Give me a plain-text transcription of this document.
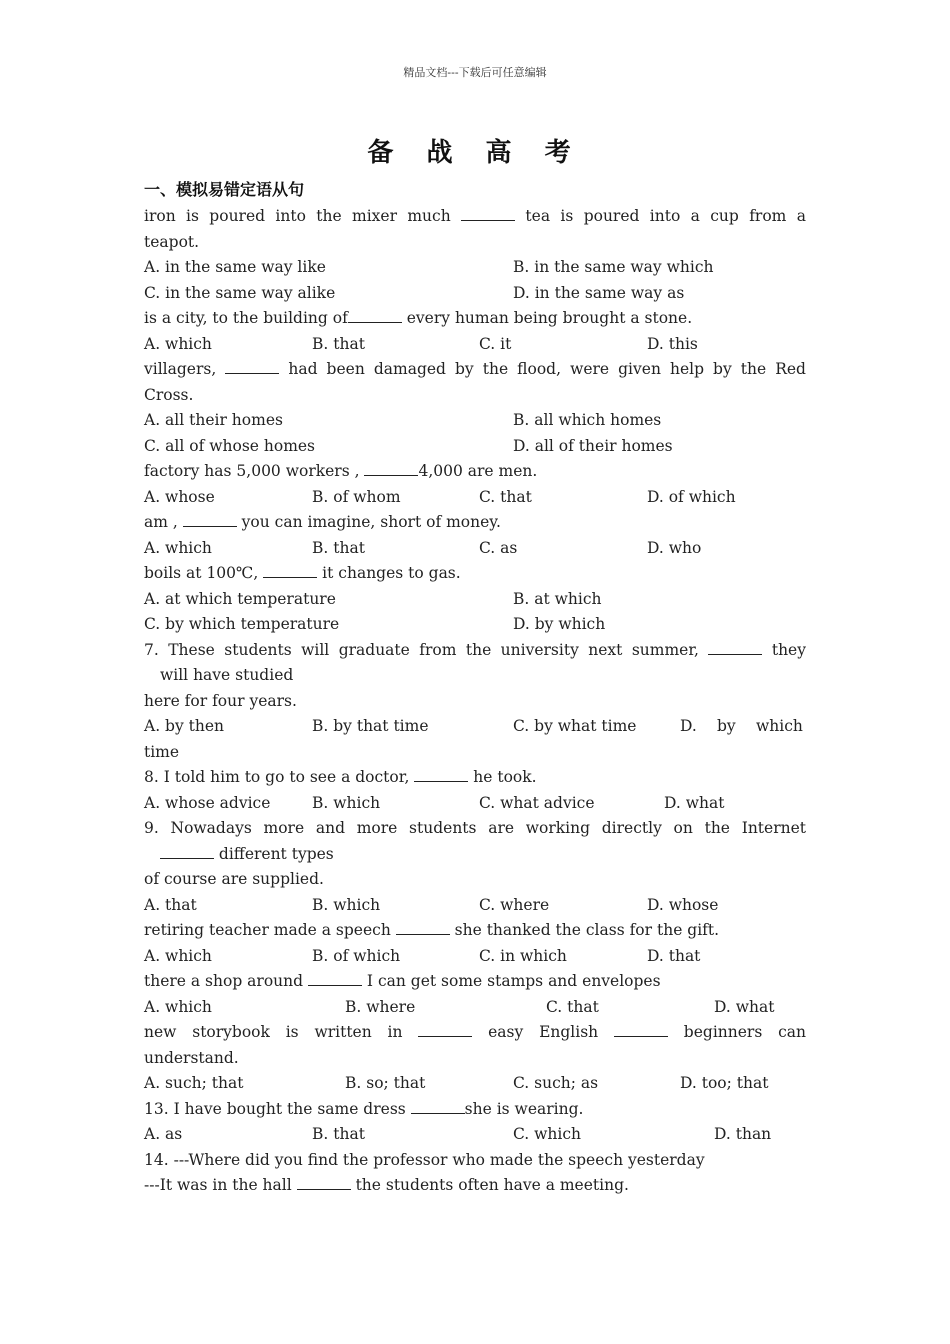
精品文档---下载后可任意编辑
备 战 高 考
一、模拟易错定语从句
iron is poured into the mixer much	tea is poured into a cup from a
teapot.
A. in the same way like	B. in the same way which
C. in the same way alike	D. in the same way as
is a city, to the building of	every human being brought a stone.
A. which	B. that	C. it	D. this
villagers,	had been damaged by the flood, were given help by the Red
Cross.
A. all their homes	B. all which homes
C. all of whose homes	D. all of their homes
factory has 5,000 workers ,	4,000 are men.
A. whose	B. of whom	C. that	D. of which
am ,	you can imagine, short of money.
A. which	B. that	C. as	D. who
boils at 100℃,	it changes to gas.
A. at which temperature	B. at which
C. by which temperature	D. by which
7. These students will graduate from the university next summer,	they
will have studied
here for four years.
A. by then	B. by that time	C. by what time	D. by which
time
8. I told him to go to see a doctor,	he took.
A. whose advice	B. which	C. what advice	D. what
9. Nowadays more and more students are working directly on the Internet
different types
of course are supplied.
A. that	B. which	C. where	D. whose
retiring teacher made a speech	she thanked the class for the gift.
A. which	B. of which	C. in which	D. that
there a shop around	I can get some stamps and envelopes
A. which	B. where	C. that	D. what
new storybook is written in	easy English	beginners can
understand.
A. such; that	B. so; that	C. such; as	D. too; that
13. I have bought the same dress	she is wearing.
A. as	B. that	C. which	D. than
14. ---Where did you find the professor who made the speech yesterday
---It was in the hall	the students often have a meeting.
